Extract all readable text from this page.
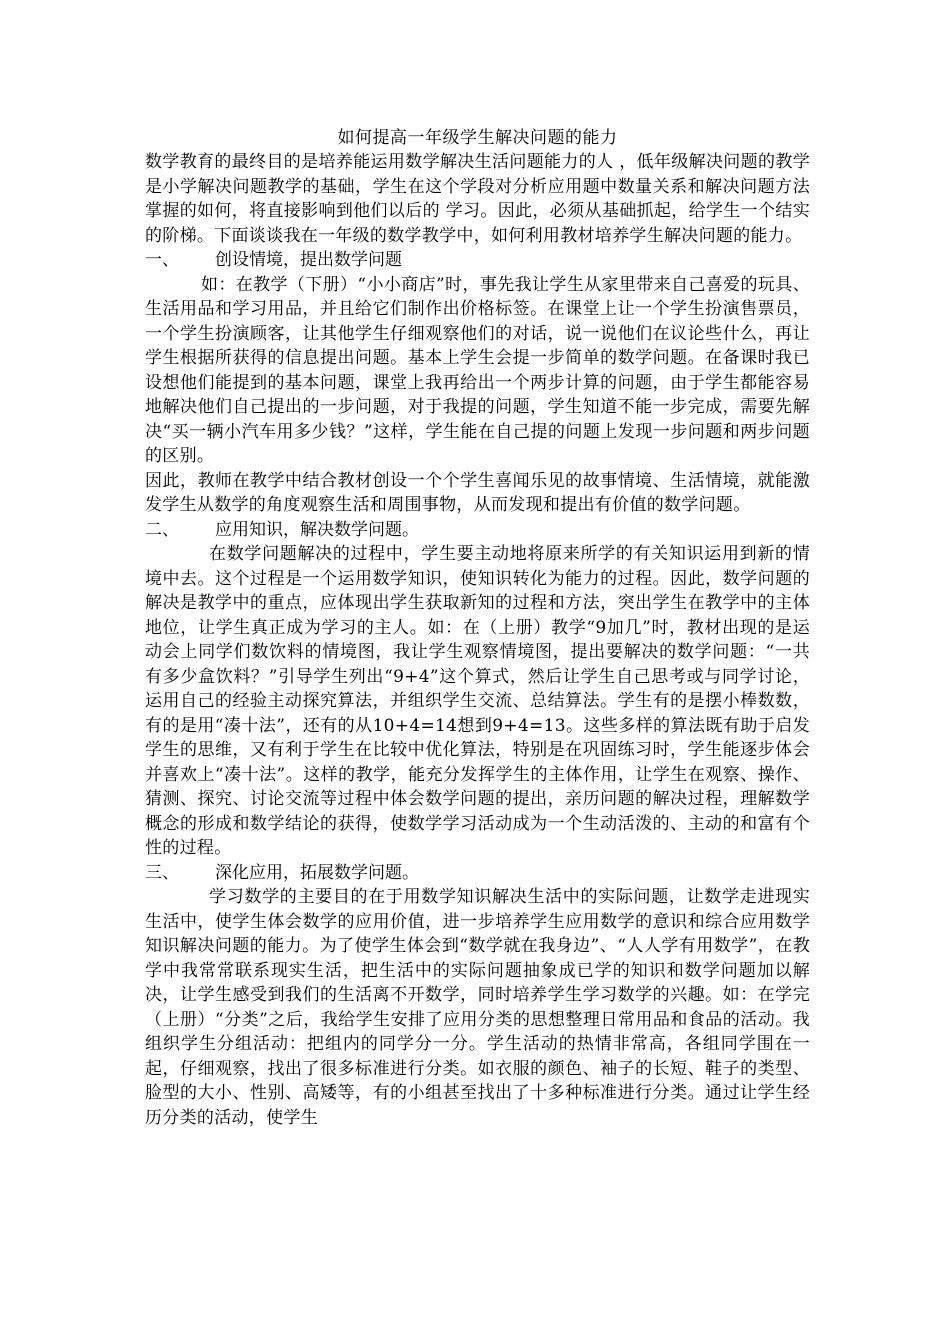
如何提高一年级学生解决问题的能力

数学教育的最终目的是培养能运用数学解决生活问题能力的人 ，低年级解决问题的教学是小学解决问题教学的基础，学生在这个学段对分析应用题中数量关系和解决问题方法掌握的如何，将直接影响到他们以后的 学习。因此，必须从基础抓起，给学生一个结实的阶梯。下面谈谈我在一年级的数学教学中，如何利用教材培养学生解决问题的能力。

一、	创设情境，提出数学问题

如：在教学（下册）“小小商店”时，事先我让学生从家里带来自己喜爱的玩具、生活用品和学习用品，并且给它们制作出价格标签。在课堂上让一个学生扮演售票员，一个学生扮演顾客，让其他学生仔细观察他们的对话，说一说他们在议论些什么，再让学生根据所获得的信息提出问题。基本上学生会提一步简单的数学问题。在备课时我已设想他们能提到的基本问题，课堂上我再给出一个两步计算的问题，由于学生都能容易地解决他们自己提出的一步问题，对于我提的问题，学生知道不能一步完成，需要先解决“买一辆小汽车用多少钱？”这样，学生能在自己提的问题上发现一步问题和两步问题的区别。

因此，教师在教学中结合教材创设一个个学生喜闻乐见的故事情境、生活情境，就能激发学生从数学的角度观察生活和周围事物，从而发现和提出有价值的数学问题。

二、	应用知识，解决数学问题。

在数学问题解决的过程中，学生要主动地将原来所学的有关知识运用到新的情境中去。这个过程是一个运用数学知识，使知识转化为能力的过程。因此，数学问题的解决是教学中的重点，应体现出学生获取新知的过程和方法，突出学生在教学中的主体地位，让学生真正成为学习的主人。如：在（上册）教学“9加几”时，教材出现的是运动会上同学们数饮料的情境图，我让学生观察情境图，提出要解决的数学问题：“一共有多少盒饮料？”引导学生列出“9+4”这个算式，然后让学生自己思考或与同学讨论，运用自己的经验主动探究算法，并组织学生交流、总结算法。学生有的是摆小棒数数，有的是用“凑十法”，还有的从10+4=14想到9+4=13。这些多样的算法既有助于启发学生的思维，又有利于学生在比较中优化算法，特别是在巩固练习时，学生能逐步体会并喜欢上“凑十法”。这样的教学，能充分发挥学生的主体作用，让学生在观察、操作、猜测、探究、讨论交流等过程中体会数学问题的提出，亲历问题的解决过程，理解数学概念的形成和数学结论的获得，使数学学习活动成为一个生动活泼的、主动的和富有个性的过程。

三、	深化应用，拓展数学问题。

学习数学的主要目的在于用数学知识解决生活中的实际问题，让数学走进现实生活中，使学生体会数学的应用价值，进一步培养学生应用数学的意识和综合应用数学知识解决问题的能力。为了使学生体会到“数学就在我身边”、“人人学有用数学”，在教学中我常常联系现实生活，把生活中的实际问题抽象成已学的知识和数学问题加以解决，让学生感受到我们的生活离不开数学，同时培养学生学习数学的兴趣。如：在学完（上册）“分类”之后，我给学生安排了应用分类的思想整理日常用品和食品的活动。我组织学生分组活动：把组内的同学分一分。学生活动的热情非常高，各组同学围在一起，仔细观察，找出了很多标准进行分类。如衣服的颜色、袖子的长短、鞋子的类型、脸型的大小、性别、高矮等，有的小组甚至找出了十多种标准进行分类。通过让学生经历分类的活动，使学生
